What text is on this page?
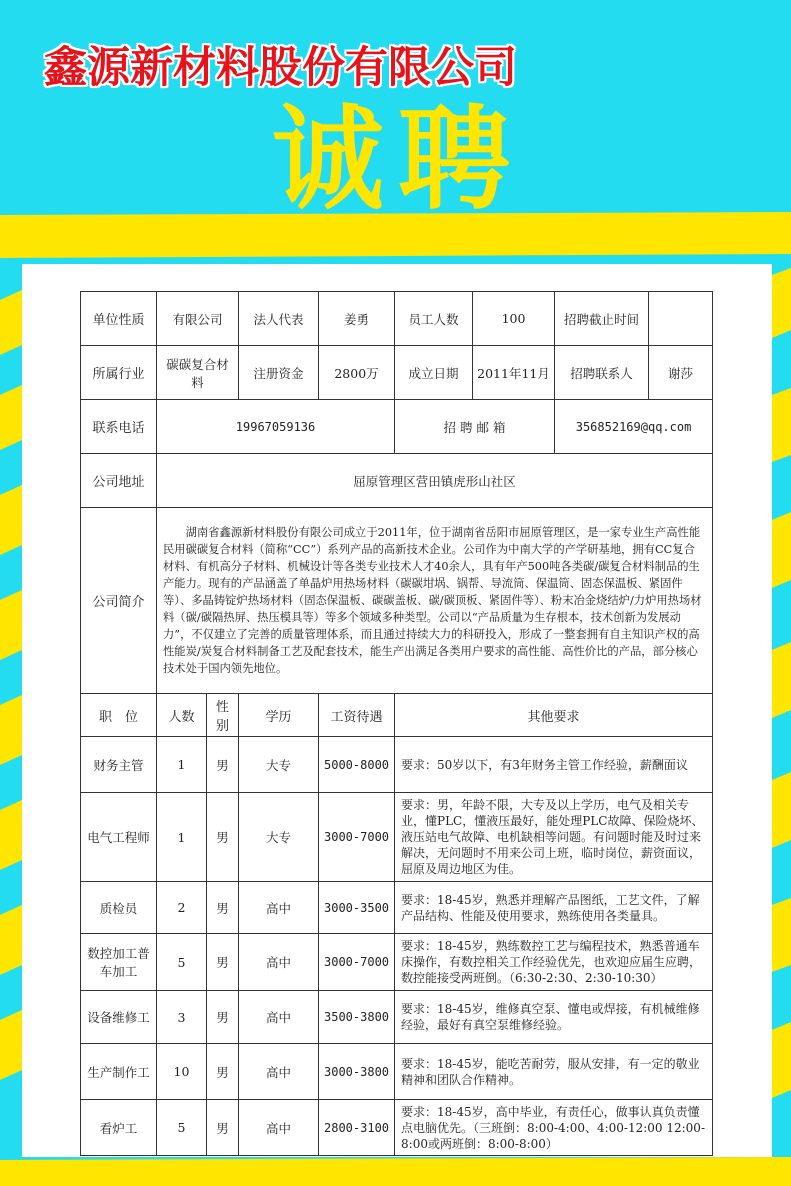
鑫源新材料股份有限公司
诚聘
单位性质	有限公司		法人代表	姜勇	员工人数	100	招聘截止时间	
所属行业	碳碳复合材料		注册资金	2800万	成立日期	2011年11月	招聘联系人	谢莎
联系电话	19967059136				招 聘 邮 箱		356852169@qq.com	
公司地址	屈原管理区营田镇虎形山社区							
公司简介	湖南省鑫源新材料股份有限公司成立于2011年，位于湖南省岳阳市屈原管理区，是一家专业生产高性能民用碳碳复合材料（简称“CC”）系列产品的高新技术企业。公司作为中南大学的产学研基地，拥有CC复合材料、有机高分子材料、机械设计等各类专业技术人才40余人，具有年产500吨各类碳/碳复合材料制品的生产能力。现有的产品涵盖了单晶炉用热场材料（碳碳坩埚、锅帮、导流筒、保温筒、固态保温板、紧固件等）、多晶铸锭炉热场材料（固态保温板、碳碳盖板、碳/碳顶板、紧固件等）、粉末冶金烧结炉/力炉用热场材料（碳/碳隔热屏、热压模具等）等多个领域多种类型。公司以“产品质量为生存根本，技术创新为发展动力”，不仅建立了完善的质量管理体系，而且通过持续大力的科研投入，形成了一整套拥有自主知识产权的高性能炭/炭复合材料制备工艺及配套技术，能生产出满足各类用户要求的高性能、高性价比的产品，部分核心技术处于国内领先地位。							

职　位	人数	性别	学历	工资待遇	其他要求			
财务主管	1	男	大专	5000-8000	要求：50岁以下，有3年财务主管工作经验，薪酬面议			
电气工程师	1	男	大专	3000-7000	要求：男，年龄不限，大专及以上学历，电气及相关专业，懂PLC，懂液压最好，能处理PLC故障、保险烧坏、液压站电气故障、电机缺相等问题。有问题时能及时过来解决，无问题时不用来公司上班，临时岗位，薪资面议，屈原及周边地区为佳。			
质检员	2	男	高中	3000-3500	要求：18-45岁，熟悉并理解产品图纸，工艺文件，了解产品结构、性能及使用要求，熟练使用各类量具。			
数控加工普车加工	5	男	高中	3000-7000	要求：18-45岁，熟练数控工艺与编程技术，熟悉普通车床操作，有数控相关工作经验优先，也欢迎应届生应聘，数控能接受两班倒。（6:30-2:30、2:30-10:30）			
设备维修工	3	男	高中	3500-3800	要求：18-45岁，维修真空泵、懂电或焊接，有机械维修经验，最好有真空泵维修经验。			
生产制作工	10	男	高中	3000-3800	要求：18-45岁，能吃苦耐劳，服从安排，有一定的敬业精神和团队合作精神。			
看炉工	5	男	高中	2800-3100	要求：18-45岁，高中毕业，有责任心，做事认真负责懂点电脑优先。（三班倒：8:00-4:00、4:00-12:00 12:00-8:00或两班倒：8:00-8:00）			
